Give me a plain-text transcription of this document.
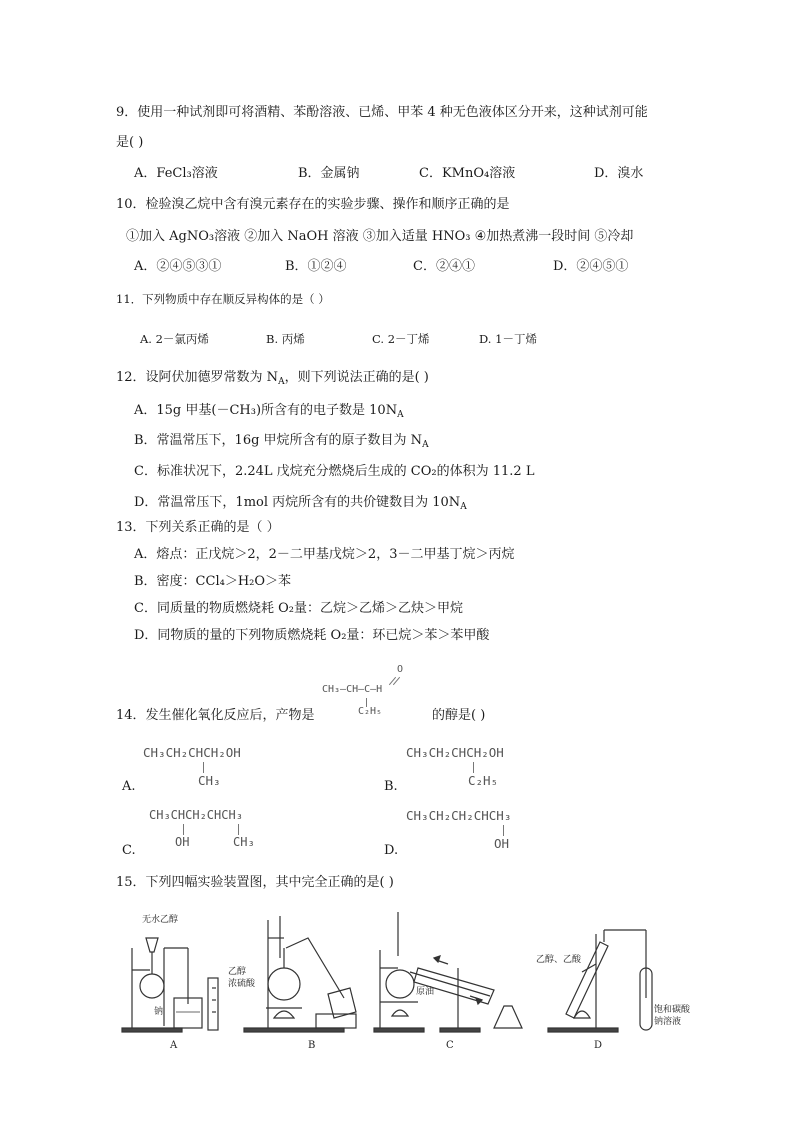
9．使用一种试剂即可将酒精、苯酚溶液、已烯、甲苯 4 种无色液体区分开来，这种试剂可能
是( )
A．FeCl₃溶液	B．金属钠	C．KMnO₄溶液	D．溴水
10．检验溴乙烷中含有溴元素存在的实验步骤、操作和顺序正确的是
①加入 AgNO₃溶液 ②加入 NaOH 溶液 ③加入适量 HNO₃ ④加热煮沸一段时间 ⑤冷却
A．②④⑤③①	B．①②④	C．②④①	D．②④⑤①
11．下列物质中存在顺反异构体的是（ ）
A. 2－氯丙烯	B. 丙烯	C. 2－丁烯	D. 1－丁烯
12．设阿伏加德罗常数为 $N_A$，则下列说法正确的是( )
A．15g 甲基(－CH₃)所含有的电子数是 $10N_A$
B．常温常压下，16g 甲烷所含有的原子数目为 $N_A$
C．标准状况下，2.24L 戊烷充分燃烧后生成的 CO₂的体积为 11.2 L
D．常温常压下，1mol 丙烷所含有的共价键数目为 $10N_A$
13．下列关系正确的是（ ）
A．熔点：正戊烷＞2，2－二甲基戊烷＞2，3－二甲基丁烷＞丙烷
B．密度：CCl₄＞H₂O＞苯
C．同质量的物质燃烧耗 O₂量：乙烷＞乙烯＞乙炔＞甲烷
D．同物质的量的下列物质燃烧耗 O₂量：环已烷＞苯＞苯甲酸
14．发生催化氧化反应后，产物是	的醇是( )
O
CH₃—CH—C—H
C₂H₅
CH₃CH₂CHCH₂OH
CH₃
A.
CH₃CH₂CHCH₂OH
C₂H₅
B.
CH₃CHCH₂CHCH₃
OH	CH₃
C.
CH₃CH₂CH₂CHCH₃
OH
D.
15．下列四幅实验装置图，其中完全正确的是( )
无水乙醇
钠
乙醇
浓硫酸
原油
乙醇、乙酸
饱和碳酸
钠溶液
A	B	C	D
